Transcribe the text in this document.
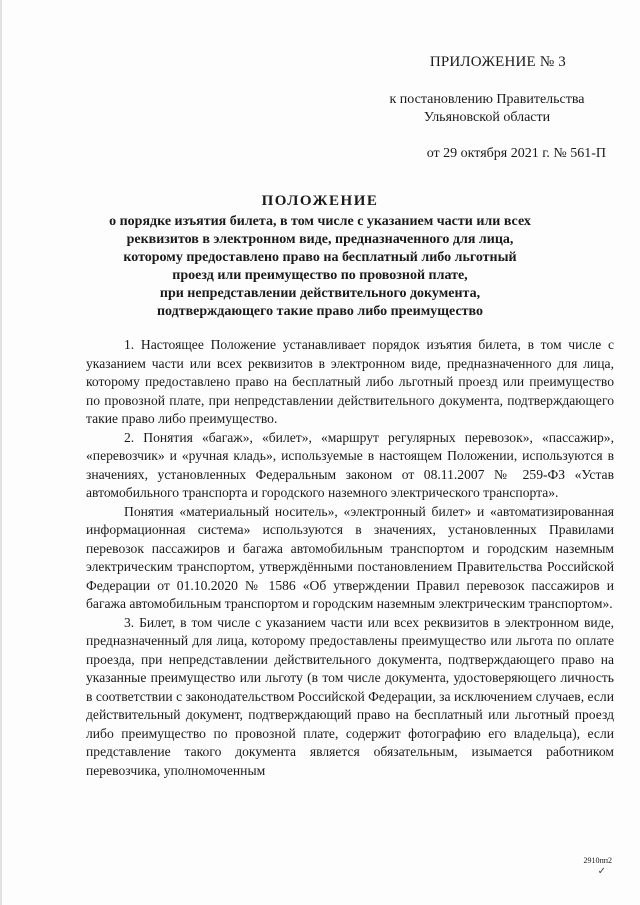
ПРИЛОЖЕНИЕ № 3
к постановлению Правительства
Ульяновской области
от 29 октября 2021 г. № 561-П
ПОЛОЖЕНИЕ
о порядке изъятия билета, в том числе с указанием части или всех
реквизитов в электронном виде, предназначенного для лица,
которому предоставлено право на бесплатный либо льготный
проезд или преимущество по провозной плате,
при непредставлении действительного документа,
подтверждающего такие право либо преимущество

1. Настоящее Положение устанавливает порядок изъятия билета, в том числе с указанием части или всех реквизитов в электронном виде, предназначенного для лица, которому предоставлено право на бесплатный либо льготный проезд или преимущество по провозной плате, при непредставлении действительного документа, подтверждающего такие право либо преимущество.

2. Понятия «багаж», «билет», «маршрут регулярных перевозок», «пассажир», «перевозчик» и «ручная кладь», используемые в настоящем Положении, используются в значениях, установленных Федеральным законом от 08.11.2007 № 259-ФЗ «Устав автомобильного транспорта и городского наземного электрического транспорта».

Понятия «материальный носитель», «электронный билет» и «автоматизированная информационная система» используются в значениях, установленных Правилами перевозок пассажиров и багажа автомобильным транспортом и городским наземным электрическим транспортом, утверждёнными постановлением Правительства Российской Федерации от 01.10.2020 № 1586 «Об утверждении Правил перевозок пассажиров и багажа автомобильным транспортом и городским наземным электрическим транспортом».

3. Билет, в том числе с указанием части или всех реквизитов в электронном виде, предназначенный для лица, которому предоставлены преимущество или льгота по оплате проезда, при непредставлении действительного документа, подтверждающего право на указанные преимущество или льготу (в том числе документа, удостоверяющего личность в соответствии с законодательством Российской Федерации, за исключением случаев, если действительный документ, подтверждающий право на бесплатный или льготный проезд либо преимущество по провозной плате, содержит фотографию его владельца), если представление такого документа является обязательным, изымается работником перевозчика, уполномоченным

2910пп2
✓
